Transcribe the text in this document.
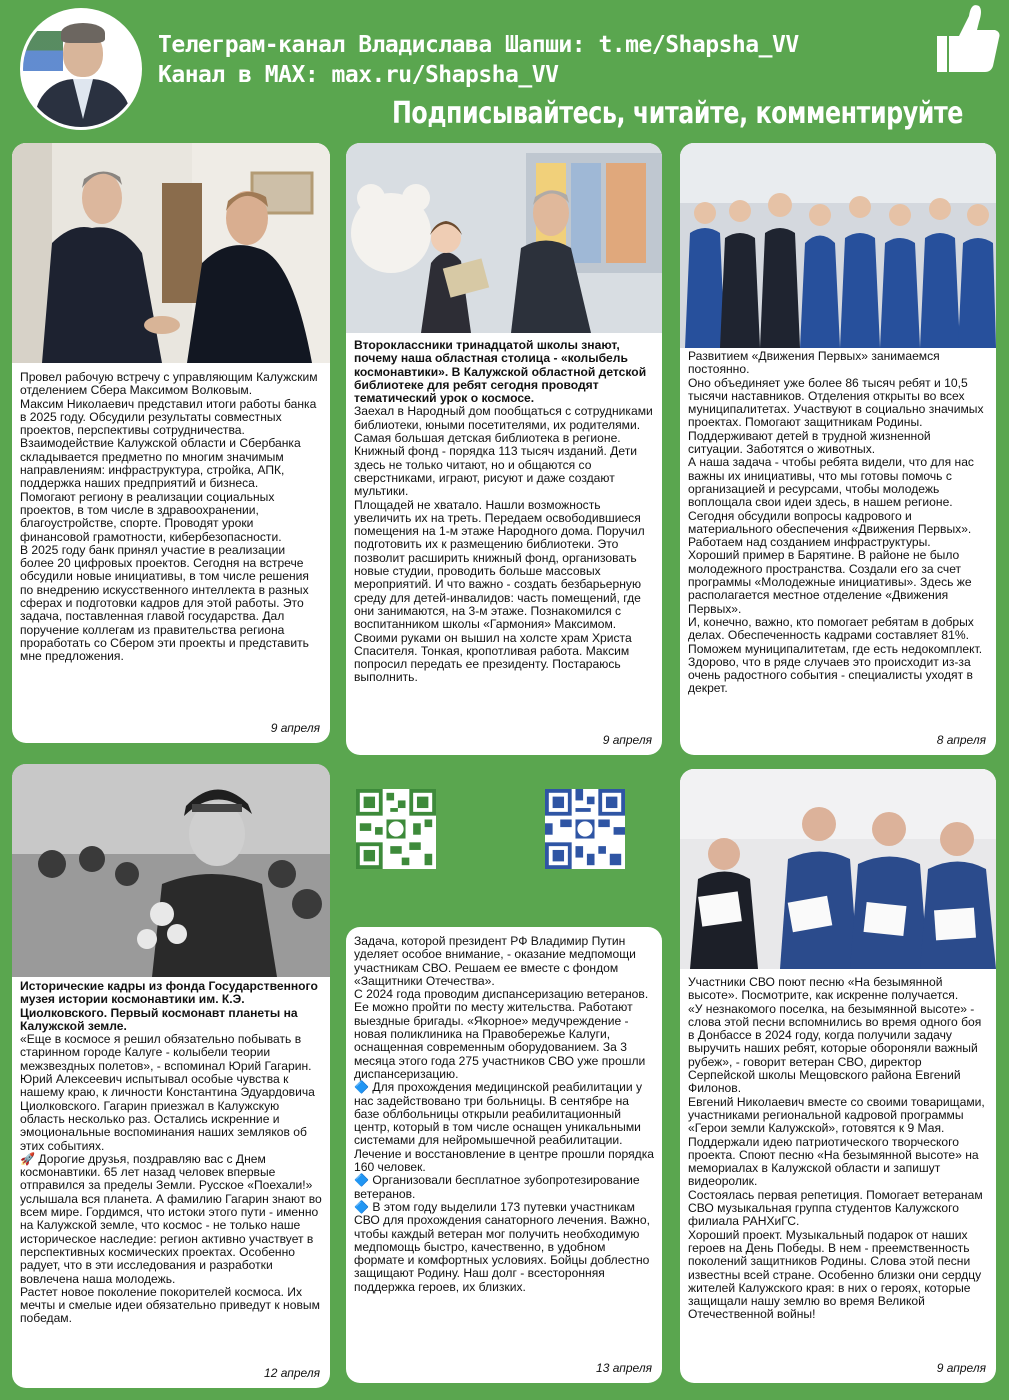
Телеграм-канал Владислава Шапши: t.me/Shapsha_VV
Канал в MAX: max.ru/Shapsha_VV
Подписывайтесь, читайте, комментируйте

Провел рабочую встречу с управляющим Калужским отделением Сбера Максимом Волковым.

Максим Николаевич представил итоги работы банка в 2025 году. Обсудили результаты совместных проектов, перспективы сотрудничества.

Взаимодействие Калужской области и Сбербанка складывается предметно по многим значимым направлениям: инфраструктура, стройка, АПК, поддержка наших предприятий и бизнеса.

Помогают региону в реализации социальных проектов, в том числе в здравоохранении, благоустройстве, спорте. Проводят уроки финансовой грамотности, кибербезопасности.

В 2025 году банк принял участие в реализации более 20 цифровых проектов. Сегодня на встрече обсудили новые инициативы, в том числе решения по внедрению искусственного интеллекта в разных сферах и подготовки кадров для этой работы. Это задача, поставленная главой государства. Дал поручение коллегам из правительства региона проработать со Сбером эти проекты и представить мне предложения.

9 апреля

Второклассники тринадцатой школы знают, почему наша областная столица - «колыбель космонавтики». В Калужской областной детской библиотеке для ребят сегодня проводят тематический урок о космосе.

Заехал в Народный дом пообщаться с сотрудниками библиотеки, юными посетителями, их родителями. Самая большая детская библиотека в регионе. Книжный фонд - порядка 113 тысяч изданий. Дети здесь не только читают, но и общаются со сверстниками, играют, рисуют и даже создают мультики.

Площадей не хватало. Нашли возможность увеличить их на треть. Передаем освободившиеся помещения на 1-м этаже Народного дома. Поручил подготовить их к размещению библиотеки. Это позволит расширить книжный фонд, организовать новые студии, проводить больше массовых мероприятий. И что важно - создать безбарьерную среду для детей-инвалидов: часть помещений, где они занимаются, на 3-м этаже. Познакомился с воспитанником школы «Гармония» Максимом. Своими руками он вышил на холсте храм Христа Спасителя. Тонкая, кропотливая работа. Максим попросил передать ее президенту. Постараюсь выполнить.

9 апреля

Развитием «Движения Первых» занимаемся постоянно.

Оно объединяет уже более 86 тысяч ребят и 10,5 тысячи наставников. Отделения открыты во всех муниципалитетах. Участвуют в социально значимых проектах. Помогают защитникам Родины. Поддерживают детей в трудной жизненной ситуации. Заботятся о животных.

А наша задача - чтобы ребята видели, что для нас важны их инициативы, что мы готовы помочь с организацией и ресурсами, чтобы молодежь воплощала свои идеи здесь, в нашем регионе.

Сегодня обсудили вопросы кадрового и материального обеспечения «Движения Первых». Работаем над созданием инфраструктуры.

Хороший пример в Барятине. В районе не было молодежного пространства. Создали его за счет программы «Молодежные инициативы». Здесь же располагается местное отделение «Движения Первых».

И, конечно, важно, кто помогает ребятам в добрых делах. Обеспеченность кадрами составляет 81%. Поможем муниципалитетам, где есть недокомплект. Здорово, что в ряде случаев это происходит из-за очень радостного события - специалисты уходят в декрет.

8 апреля

Исторические кадры из фонда Государственного музея истории космонавтики им. К.Э. Циолковского. Первый космонавт планеты на Калужской земле.

«Еще в космосе я решил обязательно побывать в старинном городе Калуге - колыбели теории межзвездных полетов», - вспоминал Юрий Гагарин. Юрий Алексеевич испытывал особые чувства к нашему краю, к личности Константина Эдуардовича Циолковского. Гагарин приезжал в Калужскую область несколько раз. Остались искренние и эмоциональные воспоминания наших земляков об этих событиях.

🚀 Дорогие друзья, поздравляю вас с Днем космонавтики. 65 лет назад человек впервые отправился за пределы Земли. Русское «Поехали!» услышала вся планета. А фамилию Гагарин знают во всем мире. Гордимся, что истоки этого пути - именно на Калужской земле, что космос - не только наше историческое наследие: регион активно участвует в перспективных космических проектах. Особенно радует, что в эти исследования и разработки вовлечена наша молодежь.

Растет новое поколение покорителей космоса. Их мечты и смелые идеи обязательно приведут к новым победам.

12 апреля

Задача, которой президент РФ Владимир Путин уделяет особое внимание, - оказание медпомощи участникам СВО. Решаем ее вместе с фондом «Защитники Отечества».

С 2024 года проводим диспансеризацию ветеранов. Ее можно пройти по месту жительства. Работают выездные бригады. «Якорное» медучреждение - новая поликлиника на Правобережье Калуги, оснащенная современным оборудованием. За 3 месяца этого года 275 участников СВО уже прошли диспансеризацию.

🔷 Для прохождения медицинской реабилитации у нас задействовано три больницы. В сентябре на базе облбольницы открыли реабилитационный центр, который в том числе оснащен уникальными системами для нейромышечной реабилитации. Лечение и восстановление в центре прошли порядка 160 человек.

🔷 Организовали бесплатное зубопротезирование ветеранов.

🔷 В этом году выделили 173 путевки участникам СВО для прохождения санаторного лечения. Важно, чтобы каждый ветеран мог получить необходимую медпомощь быстро, качественно, в удобном формате и комфортных условиях. Бойцы доблестно защищают Родину. Наш долг - всесторонняя поддержка героев, их близких.

13 апреля

Участники СВО поют песню «На безымянной высоте». Посмотрите, как искренне получается.

«У незнакомого поселка, на безымянной высоте» - слова этой песни вспомнились во время одного боя в Донбассе в 2024 году, когда получили задачу выручить наших ребят, которые обороняли важный рубеж», - говорит ветеран СВО, директор Серпейской школы Мещовского района Евгений Филонов.

Евгений Николаевич вместе со своими товарищами, участниками региональной кадровой программы «Герои земли Калужской», готовятся к 9 Мая. Поддержали идею патриотического творческого проекта. Споют песню «На безымянной высоте» на мемориалах в Калужской области и запишут видеоролик.

Состоялась первая репетиция. Помогает ветеранам СВО музыкальная группа студентов Калужского филиала РАНХиГС.

Хороший проект. Музыкальный подарок от наших героев на День Победы. В нем - преемственность поколений защитников Родины. Слова этой песни известны всей стране. Особенно близки они сердцу жителей Калужского края: в них о героях, которые защищали нашу землю во время Великой Отечественной войны!

9 апреля
